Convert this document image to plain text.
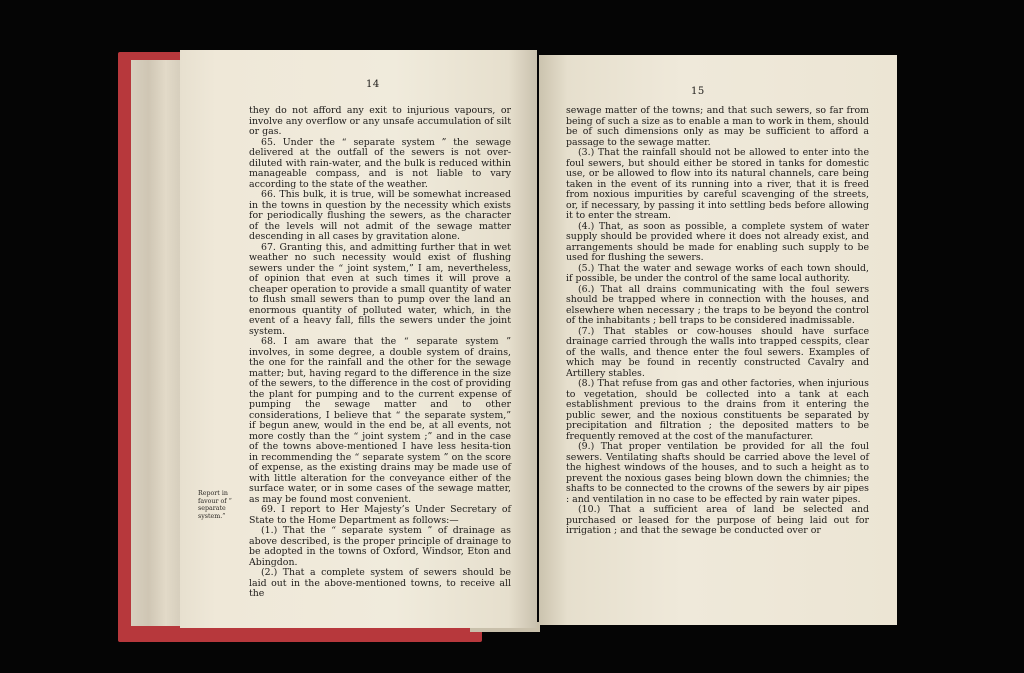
14

they do not afford any exit to injurious vapours, or involve any overflow or any unsafe accumulation of silt or gas.

65. Under the “ separate system ” the sewage delivered at the outfall of the sewers is not over-diluted with rain-water, and the bulk is reduced within manageable compass, and is not liable to vary according to the state of the weather.

66. This bulk, it is true, will be somewhat increased in the towns in question by the necessity which exists for periodically flushing the sewers, as the character of the levels will not admit of the sewage matter descending in all cases by gravitation alone.

67. Granting this, and admitting further that in wet weather no such necessity would exist of flushing sewers under the “ joint system,” I am, nevertheless, of opinion that even at such times it will prove a cheaper operation to provide a small quantity of water to flush small sewers than to pump over the land an enormous quantity of polluted water, which, in the event of a heavy fall, fills the sewers under the joint system.

68. I am aware that the “ separate system ” involves, in some degree, a double system of drains, the one for the rainfall and the other for the sewage matter; but, having regard to the difference in the size of the sewers, to the difference in the cost of providing the plant for pumping and to the current expense of pumping the sewage matter and to other considerations, I believe that “ the separate system,” if begun anew, would in the end be, at all events, not more costly than the “ joint system ;” and in the case of the towns above-mentioned I have less hesita-tion in recommending the “ separate system ” on the score of expense, as the existing drains may be made use of with little alteration for the conveyance either of the surface water, or in some cases of the sewage matter, as may be found most convenient.

69. I report to Her Majesty’s Under Secretary of State to the Home Department as follows:—

(1.) That the “ separate system ” of drainage as above described, is the proper principle of drainage to be adopted in the towns of Oxford, Windsor, Eton and Abingdon.

(2.) That a complete system of sewers should be laid out in the above-mentioned towns, to receive all the

Report in favour of “ separate system.”
15

sewage matter of the towns; and that such sewers, so far from being of such a size as to enable a man to work in them, should be of such dimensions only as may be sufficient to afford a passage to the sewage matter.

(3.) That the rainfall should not be allowed to enter into the foul sewers, but should either be stored in tanks for domestic use, or be allowed to flow into its natural channels, care being taken in the event of its running into a river, that it is freed from noxious impurities by careful scavenging of the streets, or, if necessary, by passing it into settling beds before allowing it to enter the stream.

(4.) That, as soon as possible, a complete system of water supply should be provided where it does not already exist, and arrangements should be made for enabling such supply to be used for flushing the sewers.

(5.) That the water and sewage works of each town should, if possible, be under the control of the same local authority.

(6.) That all drains communicating with the foul sewers should be trapped where in connection with the houses, and elsewhere when necessary ; the traps to be beyond the control of the inhabitants ; bell traps to be considered inadmissable.

(7.) That stables or cow-houses should have surface drainage carried through the walls into trapped cesspits, clear of the walls, and thence enter the foul sewers. Examples of which may be found in recently constructed Cavalry and Artillery stables.

(8.) That refuse from gas and other factories, when injurious to vegetation, should be collected into a tank at each establishment previous to the drains from it entering the public sewer, and the noxious constituents be separated by precipitation and filtration ; the deposited matters to be frequently removed at the cost of the manufacturer.

(9.) That proper ventilation be provided for all the foul sewers. Ventilating shafts should be carried above the level of the highest windows of the houses, and to such a height as to prevent the noxious gases being blown down the chimnies; the shafts to be connected to the crowns of the sewers by air pipes : and ventilation in no case to be effected by rain water pipes.

(10.) That a sufficient area of land be selected and purchased or leased for the purpose of being laid out for irrigation ; and that the sewage be conducted over or
